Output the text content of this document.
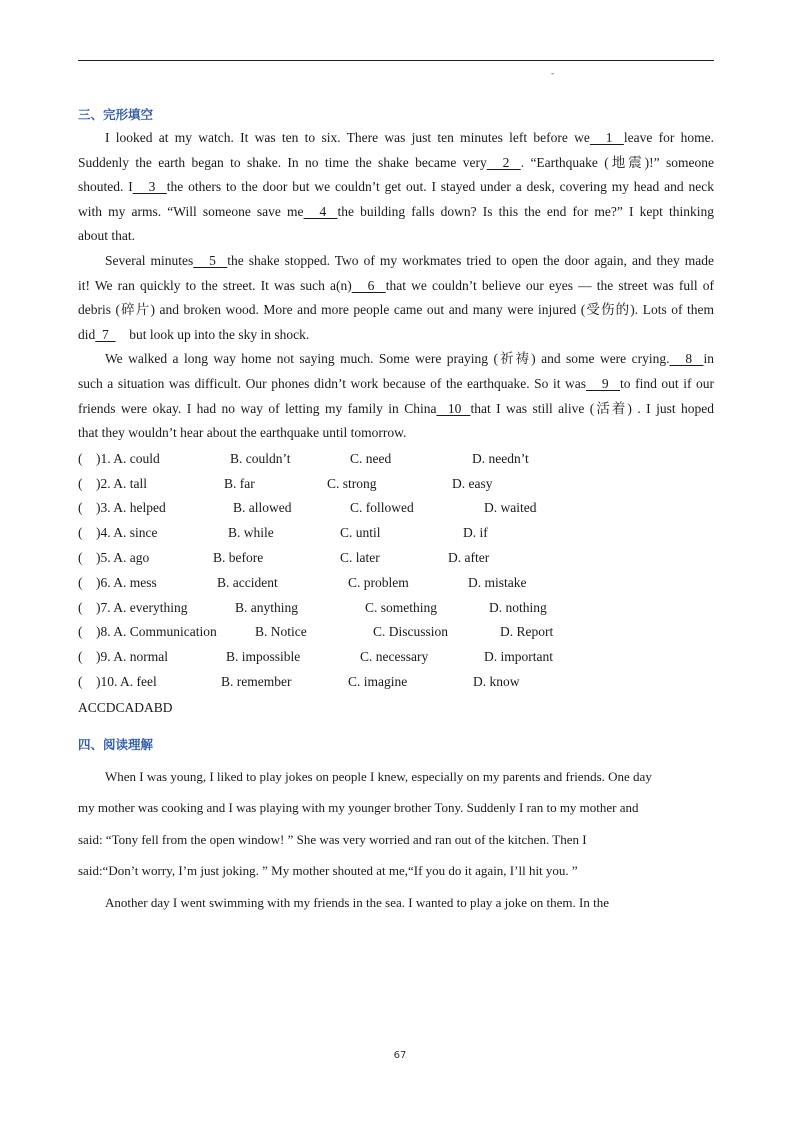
-
三、完形填空
I looked at my watch. It was ten to six. There was just ten minutes left before we  1  leave for home.
Suddenly the earth began to shake. In no time the shake became very  2  . “Earthquake (地震)!” someone
shouted. I  3  the others to the door but we couldn’t get out. I stayed under a desk, covering my head and neck
with my arms. “Will someone save me  4  the building falls down? Is this the end for me?” I kept thinking
about that.
Several minutes  5  the shake stopped. Two of my workmates tried to open the door again, and they made
it! We ran quickly to the street. It was such a(n)  6  that we couldn’t believe our eyes — the street was full of
debris (碎片) and broken wood. More and more people came out and many were injured (受伤的). Lots of them
did  7  but look up into the sky in shock.
We walked a long way home not saying much. Some were praying (祈祷) and some were crying.  8  in
such a situation was difficult. Our phones didn’t work because of the earthquake. So it was  9  to find out if our
friends were okay. I had no way of letting my family in China  10  that I was still alive (活着) . I just hoped
that they wouldn’t hear about the earthquake until tomorrow.
(    )1. A. could	B. couldn’t	C. need	D. needn’t
(    )2. A. tall	B. far	C. strong	D. easy
(    )3. A. helped	B. allowed	C. followed	D. waited
(    )4. A. since	B. while	C. until	D. if
(    )5. A. ago	B. before	C. later	D. after
(    )6. A. mess	B. accident	C. problem	D. mistake
(    )7. A. everything	B. anything	C. something	D. nothing
(    )8. A. Communication	B. Notice	C. Discussion	D. Report
(    )9. A. normal	B. impossible	C. necessary	D. important
(    )10. A. feel	B. remember	C. imagine	D. know
ACCDCADABD
四、阅读理解
When I was young, I liked to play jokes on people I knew, especially on my parents and friends. One day
my mother was cooking and I was playing with my younger brother Tony. Suddenly I ran to my mother and
said: “Tony fell from the open window! ” She was very worried and ran out of the kitchen. Then I
said:“Don’t worry, I’m just joking. ” My mother shouted at me,“If you do it again, I’ll hit you. ”
Another day I went swimming with my friends in the sea. I wanted to play a joke on them. In the
67
